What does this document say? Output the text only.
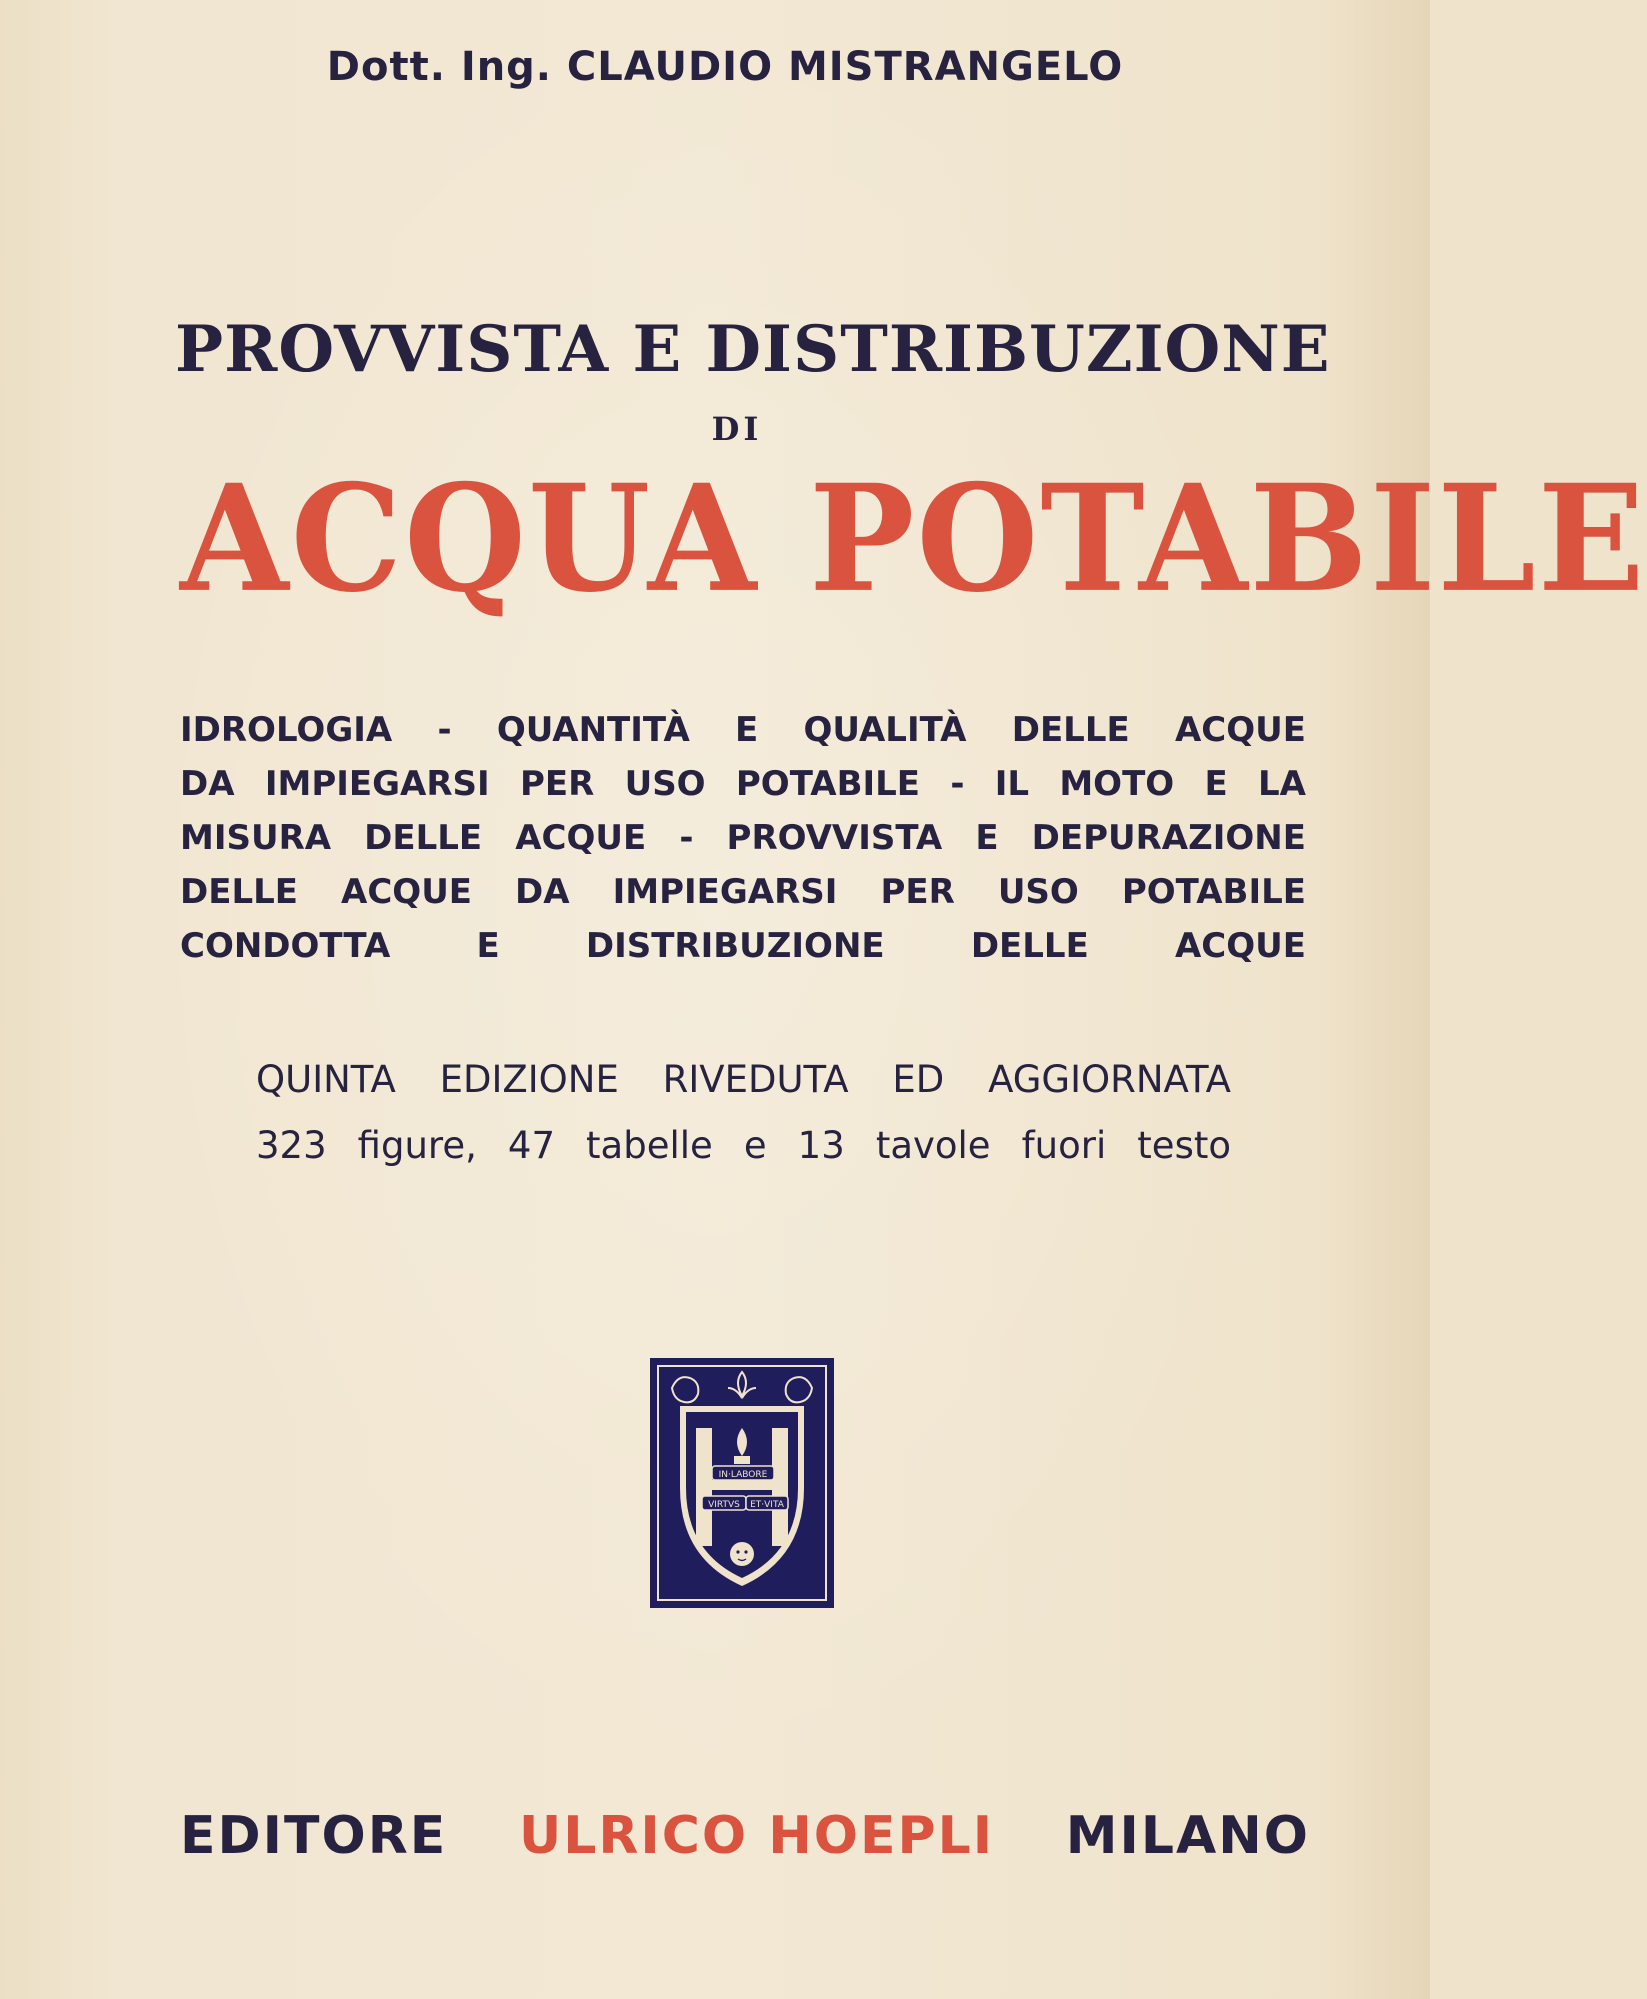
Dott. Ing. CLAUDIO MISTRANGELO
PROVVISTA E DISTRIBUZIONE
DI
ACQUA POTABILE
IDROLOGIA - QUANTITÀ E QUALITÀ DELLE ACQUE
DA IMPIEGARSI PER USO POTABILE - IL MOTO E LA
MISURA DELLE ACQUE - PROVVISTA E DEPURAZIONE
DELLE ACQUE DA IMPIEGARSI PER USO POTABILE
CONDOTTA E DISTRIBUZIONE DELLE ACQUE
QUINTA EDIZIONE RIVEDUTA ED AGGIORNATA
323 figure, 47 tabelle e 13 tavole fuori testo
IN·LABORE
VIRTVS ET·VITA
EDITORE ULRICO HOEPLI MILANO
